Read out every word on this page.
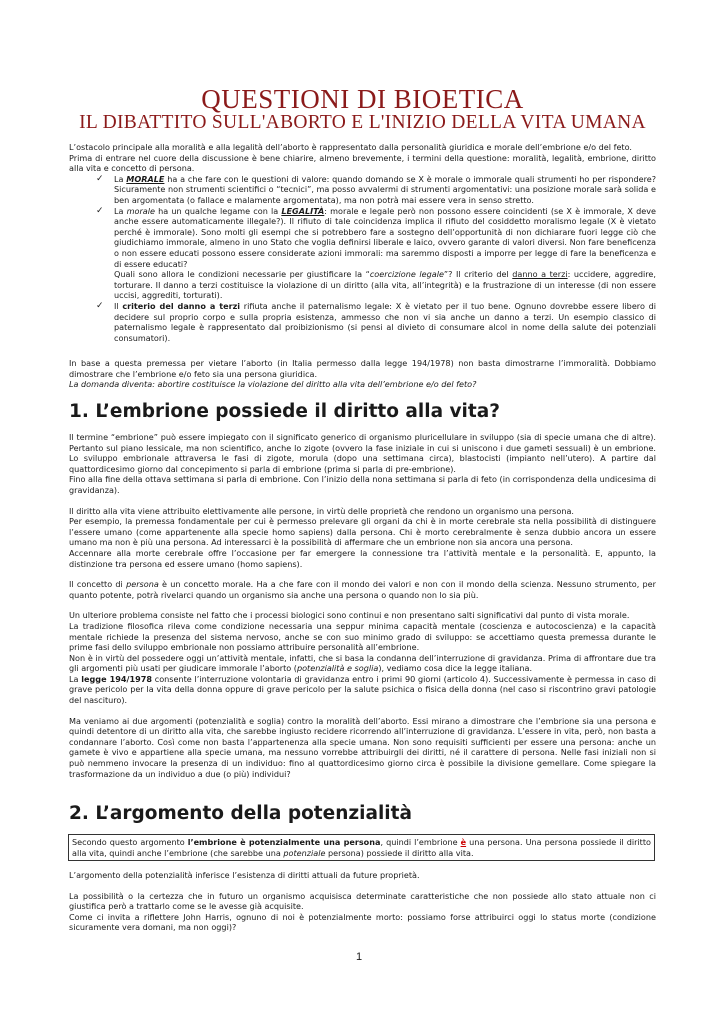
QUESTIONI DI BIOETICA
IL DIBATTITO SULL'ABORTO E L'INIZIO DELLA VITA UMANA

L’ostacolo principale alla moralità e alla legalità dell’aborto è rappresentato dalla personalità giuridica e morale dell’embrione e/o del feto.

Prima di entrare nel cuore della discussione è bene chiarire, almeno brevemente, i termini della questione: moralità, legalità, embrione, diritto alla vita e concetto di persona.

✓ La MORALE ha a che fare con le questioni di valore: quando domando se X è morale o immorale quali strumenti ho per rispondere? Sicuramente non strumenti scientifici o “tecnici”, ma posso avvalermi di strumenti argomentativi: una posizione morale sarà solida e ben argomentata (o fallace e malamente argomentata), ma non potrà mai essere vera in senso stretto.
✓ La morale ha un qualche legame con la LEGALITÀ: morale e legale però non possono essere coincidenti (se X è immorale, X deve anche essere automaticamente illegale?). Il rifiuto di tale coincidenza implica il rifiuto del cosiddetto moralismo legale (X è vietato perché è immorale). Sono molti gli esempi che si potrebbero fare a sostegno dell’opportunità di non dichiarare fuori legge ciò che giudichiamo immorale, almeno in uno Stato che voglia definirsi liberale e laico, ovvero garante di valori diversi. Non fare beneficenza o non essere educati possono essere considerate azioni immorali: ma saremmo disposti a imporre per legge di fare la beneficenza e di essere educati?
Quali sono allora le condizioni necessarie per giustificare la “coercizione legale”? Il criterio del danno a terzi: uccidere, aggredire, torturare. Il danno a terzi costituisce la violazione di un diritto (alla vita, all’integrità) e la frustrazione di un interesse (di non essere uccisi, aggrediti, torturati).
✓ Il criterio del danno a terzi rifiuta anche il paternalismo legale: X è vietato per il tuo bene. Ognuno dovrebbe essere libero di decidere sul proprio corpo e sulla propria esistenza, ammesso che non vi sia anche un danno a terzi. Un esempio classico di paternalismo legale è rappresentato dal proibizionismo (si pensi al divieto di consumare alcol in nome della salute dei potenziali consumatori).

In base a questa premessa per vietare l’aborto (in Italia permesso dalla legge 194/1978) non basta dimostrarne l’immoralità. Dobbiamo dimostrare che l’embrione e/o feto sia una persona giuridica.

La domanda diventa: abortire costituisce la violazione del diritto alla vita dell’embrione e/o del feto?

1. L’embrione possiede il diritto alla vita?

Il termine “embrione” può essere impiegato con il significato generico di organismo pluricellulare in sviluppo (sia di specie umana che di altre). Pertanto sul piano lessicale, ma non scientifico, anche lo zigote (ovvero la fase iniziale in cui si uniscono i due gameti sessuali) è un embrione. Lo sviluppo embrionale attraversa le fasi di zigote, morula (dopo una settimana circa), blastocisti (impianto nell’utero). A partire dal quattordicesimo giorno dal concepimento si parla di embrione (prima si parla di pre-embrione).

Fino alla fine della ottava settimana si parla di embrione. Con l’inizio della nona settimana si parla di feto (in corrispondenza della undicesima di gravidanza).

Il diritto alla vita viene attribuito elettivamente alle persone, in virtù delle proprietà che rendono un organismo una persona.

Per esempio, la premessa fondamentale per cui è permesso prelevare gli organi da chi è in morte cerebrale sta nella possibilità di distinguere l’essere umano (come appartenente alla specie homo sapiens) dalla persona. Chi è morto cerebralmente è senza dubbio ancora un essere umano ma non è più una persona. Ad interessarci è la possibilità di affermare che un embrione non sia ancora una persona.

Accennare alla morte cerebrale offre l’occasione per far emergere la connessione tra l’attività mentale e la personalità. E, appunto, la distinzione tra persona ed essere umano (homo sapiens).

Il concetto di persona è un concetto morale. Ha a che fare con il mondo dei valori e non con il mondo della scienza. Nessuno strumento, per quanto potente, potrà rivelarci quando un organismo sia anche una persona o quando non lo sia più.

Un ulteriore problema consiste nel fatto che i processi biologici sono continui e non presentano salti significativi dal punto di vista morale.

La tradizione filosofica rileva come condizione necessaria una seppur minima capacità mentale (coscienza e autocoscienza) e la capacità mentale richiede la presenza del sistema nervoso, anche se con suo minimo grado di sviluppo: se accettiamo questa premessa durante le prime fasi dello sviluppo embrionale non possiamo attribuire personalità all’embrione.

Non è in virtù del possedere oggi un’attività mentale, infatti, che si basa la condanna dell’interruzione di gravidanza. Prima di affrontare due tra gli argomenti più usati per giudicare immorale l’aborto (potenzialità e soglia), vediamo cosa dice la legge italiana.

La legge 194/1978 consente l’interruzione volontaria di gravidanza entro i primi 90 giorni (articolo 4). Successivamente è permessa in caso di grave pericolo per la vita della donna oppure di grave pericolo per la salute psichica o fisica della donna (nel caso si riscontrino gravi patologie del nascituro).

Ma veniamo ai due argomenti (potenzialità e soglia) contro la moralità dell’aborto. Essi mirano a dimostrare che l’embrione sia una persona e quindi detentore di un diritto alla vita, che sarebbe ingiusto recidere ricorrendo all’interruzione di gravidanza. L’essere in vita, però, non basta a condannare l’aborto. Così come non basta l’appartenenza alla specie umana. Non sono requisiti sufficienti per essere una persona: anche un gamete è vivo e appartiene alla specie umana, ma nessuno vorrebbe attribuirgli dei diritti, né il carattere di persona. Nelle fasi iniziali non si può nemmeno invocare la presenza di un individuo: fino al quattordicesimo giorno circa è possibile la divisione gemellare. Come spiegare la trasformazione da un individuo a due (o più) individui?

2. L’argomento della potenzialità
Secondo questo argomento l’embrione è potenzialmente una persona, quindi l’embrione è una persona. Una persona possiede il diritto alla vita, quindi anche l’embrione (che sarebbe una potenziale persona) possiede il diritto alla vita.

L’argomento della potenzialità inferisce l’esistenza di diritti attuali da future proprietà.

La possibilità o la certezza che in futuro un organismo acquisisca determinate caratteristiche che non possiede allo stato attuale non ci giustifica però a trattarlo come se le avesse già acquisite.

Come ci invita a riflettere John Harris, ognuno di noi è potenzialmente morto: possiamo forse attribuirci oggi lo status morte (condizione sicuramente vera domani, ma non oggi)?

1
